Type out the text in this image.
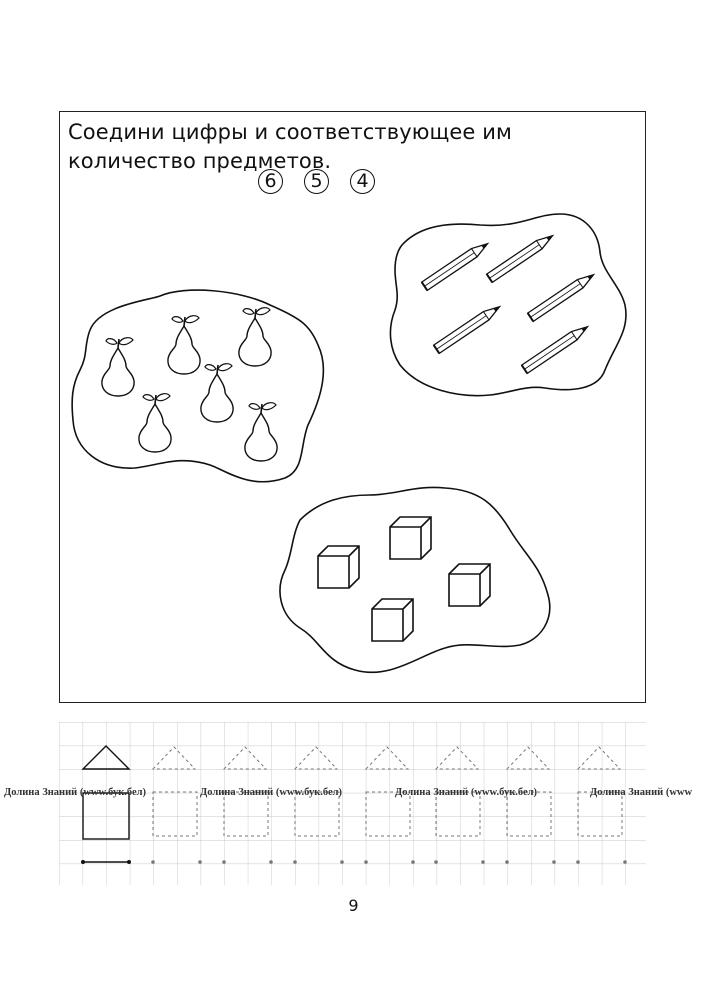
Соедини цифры и соответствующее им количество предметов.

6	5	4
Долина Знаний (www.бук.бел)	Долина Знаний (www.бук.бел)	Долина Знаний (www.бук.бел)	Долина Знаний (www
9
